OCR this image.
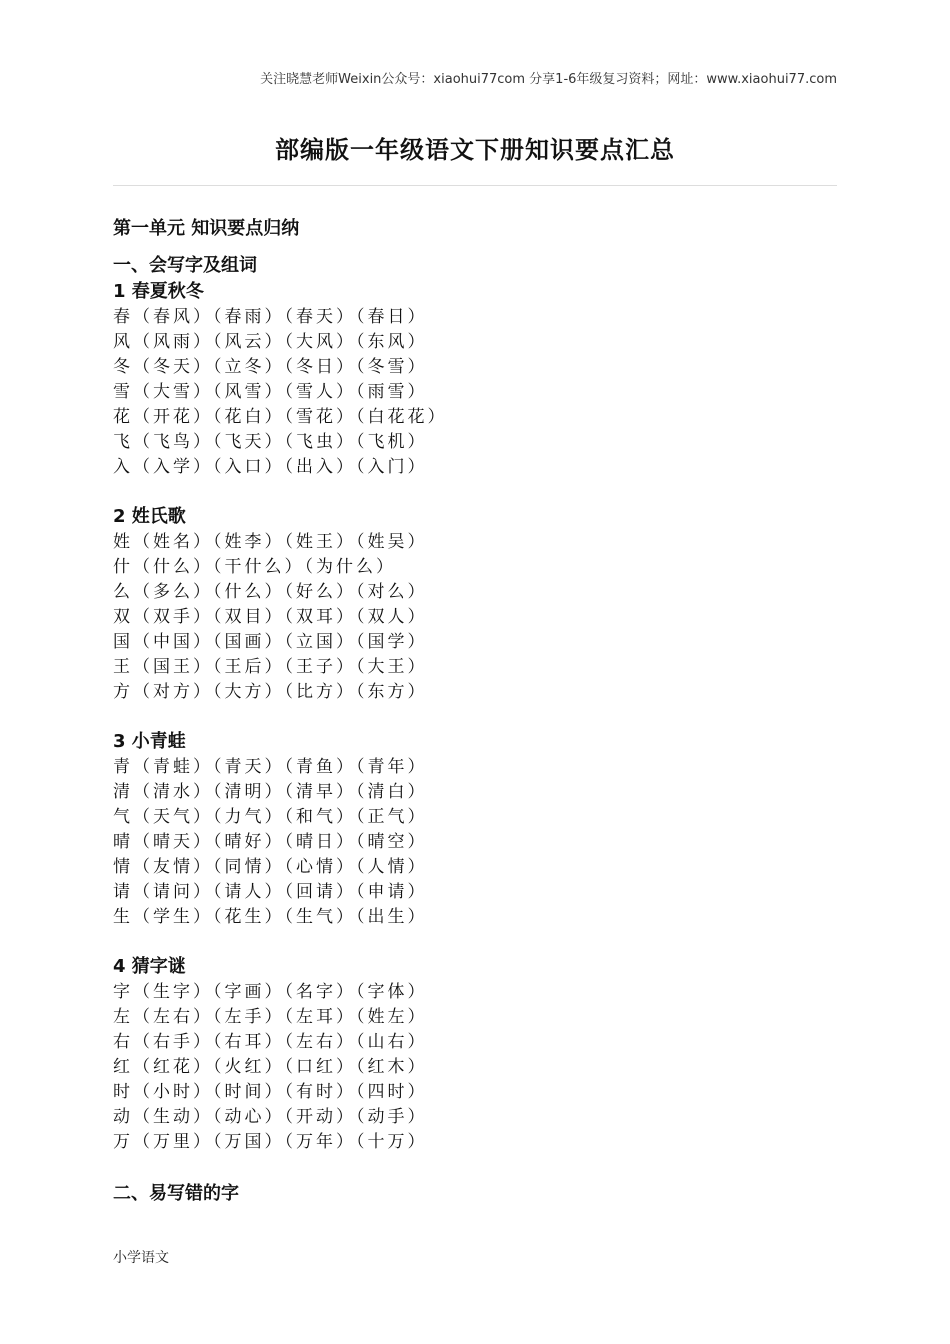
关注晓慧老师Weixin公众号：xiaohui77com 分享1-6年级复习资料；网址：www.xiaohui77.com
部编版一年级语文下册知识要点汇总
第一单元 知识要点归纳
一、会写字及组词
1 春夏秋冬
春（春风）（春雨）（春天）（春日）
风（风雨）（风云）（大风）（东风）
冬（冬天）（立冬）（冬日）（冬雪）
雪（大雪）（风雪）（雪人）（雨雪）
花（开花）（花白）（雪花）（白花花）
飞（飞鸟）（飞天）（飞虫）（飞机）
入（入学）（入口）（出入）（入门）
2 姓氏歌
姓（姓名）（姓李）（姓王）（姓吴）
什（什么）（干什么）（为什么）
么（多么）（什么）（好么）（对么）
双（双手）（双目）（双耳）（双人）
国（中国）（国画）（立国）（国学）
王（国王）（王后）（王子）（大王）
方（对方）（大方）（比方）（东方）
3 小青蛙
青（青蛙）（青天）（青鱼）（青年）
清（清水）（清明）（清早）（清白）
气（天气）（力气）（和气）（正气）
晴（晴天）（晴好）（晴日）（晴空）
情（友情）（同情）（心情）（人情）
请（请问）（请人）（回请）（申请）
生（学生）（花生）（生气）（出生）
4 猜字谜
字（生字）（字画）（名字）（字体）
左（左右）（左手）（左耳）（姓左）
右（右手）（右耳）（左右）（山右）
红（红花）（火红）（口红）（红木）
时（小时）（时间）（有时）（四时）
动（生动）（动心）（开动）（动手）
万（万里）（万国）（万年）（十万）
二、易写错的字
小学语文
